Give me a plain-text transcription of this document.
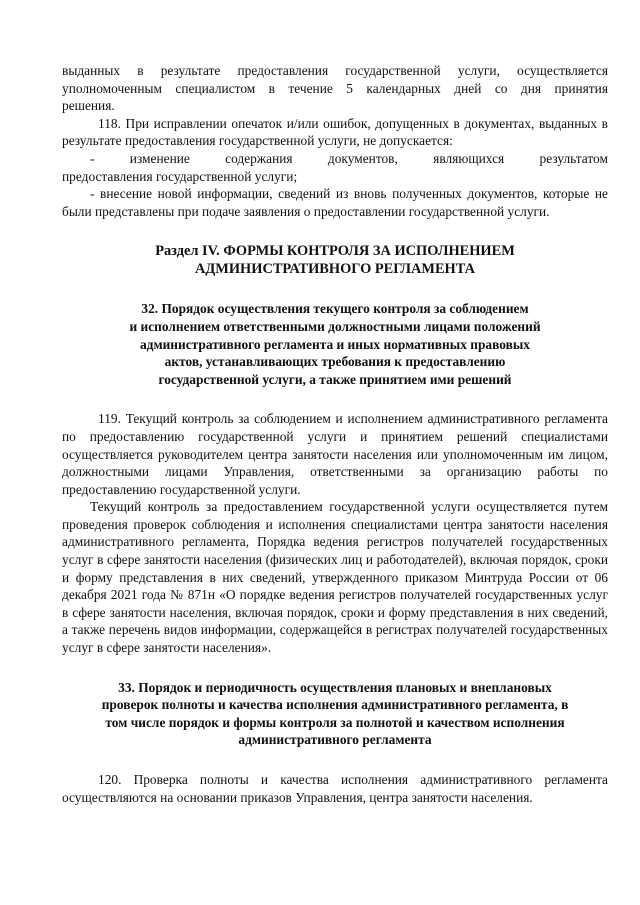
выданных в результате предоставления государственной услуги, осуществляется
уполномоченным специалистом в течение 5 календарных дней со дня принятия
решения.

118. При исправлении опечаток и/или ошибок, допущенных в документах, выданных в результате предоставления государственной услуги, не допускается:

-	изменение	содержания	документов,	являющихся	результатом

предоставления государственной услуги;

- внесение новой информации, сведений из вновь полученных документов, которые не были представлены при подаче заявления о предоставлении государственной услуги.

Раздел IV. ФОРМЫ КОНТРОЛЯ ЗА ИСПОЛНЕНИЕМ
АДМИНИСТРАТИВНОГО РЕГЛАМЕНТА
32. Порядок осуществления текущего контроля за соблюдением
и исполнением ответственными должностными лицами положений
административного регламента и иных нормативных правовых
актов, устанавливающих требования к предоставлению
государственной услуги, а также принятием ими решений

119. Текущий контроль за соблюдением и исполнением административного регламента по предоставлению государственной услуги и принятием решений специалистами осуществляется руководителем центра занятости населения или уполномоченным им лицом, должностными лицами Управления, ответственными за организацию работы по предоставлению государственной услуги.

Текущий контроль за предоставлением государственной услуги осуществляется путем проведения проверок соблюдения и исполнения специалистами центра занятости населения административного регламента, Порядка ведения регистров получателей государственных услуг в сфере занятости населения (физических лиц и работодателей), включая порядок, сроки и форму представления в них сведений, утвержденного приказом Минтруда России от 06 декабря 2021 года № 871н «О порядке ведения регистров получателей государственных услуг в сфере занятости населения, включая порядок, сроки и форму представления в них сведений, а также перечень видов информации, содержащейся в регистрах получателей государственных услуг в сфере занятости населения».

33. Порядок и периодичность осуществления плановых и внеплановых
проверок полноты и качества исполнения административного регламента, в
том числе порядок и формы контроля за полнотой и качеством исполнения
административного регламента

120. Проверка полноты и качества исполнения административного регламента осуществляются на основании приказов Управления, центра занятости населения.
